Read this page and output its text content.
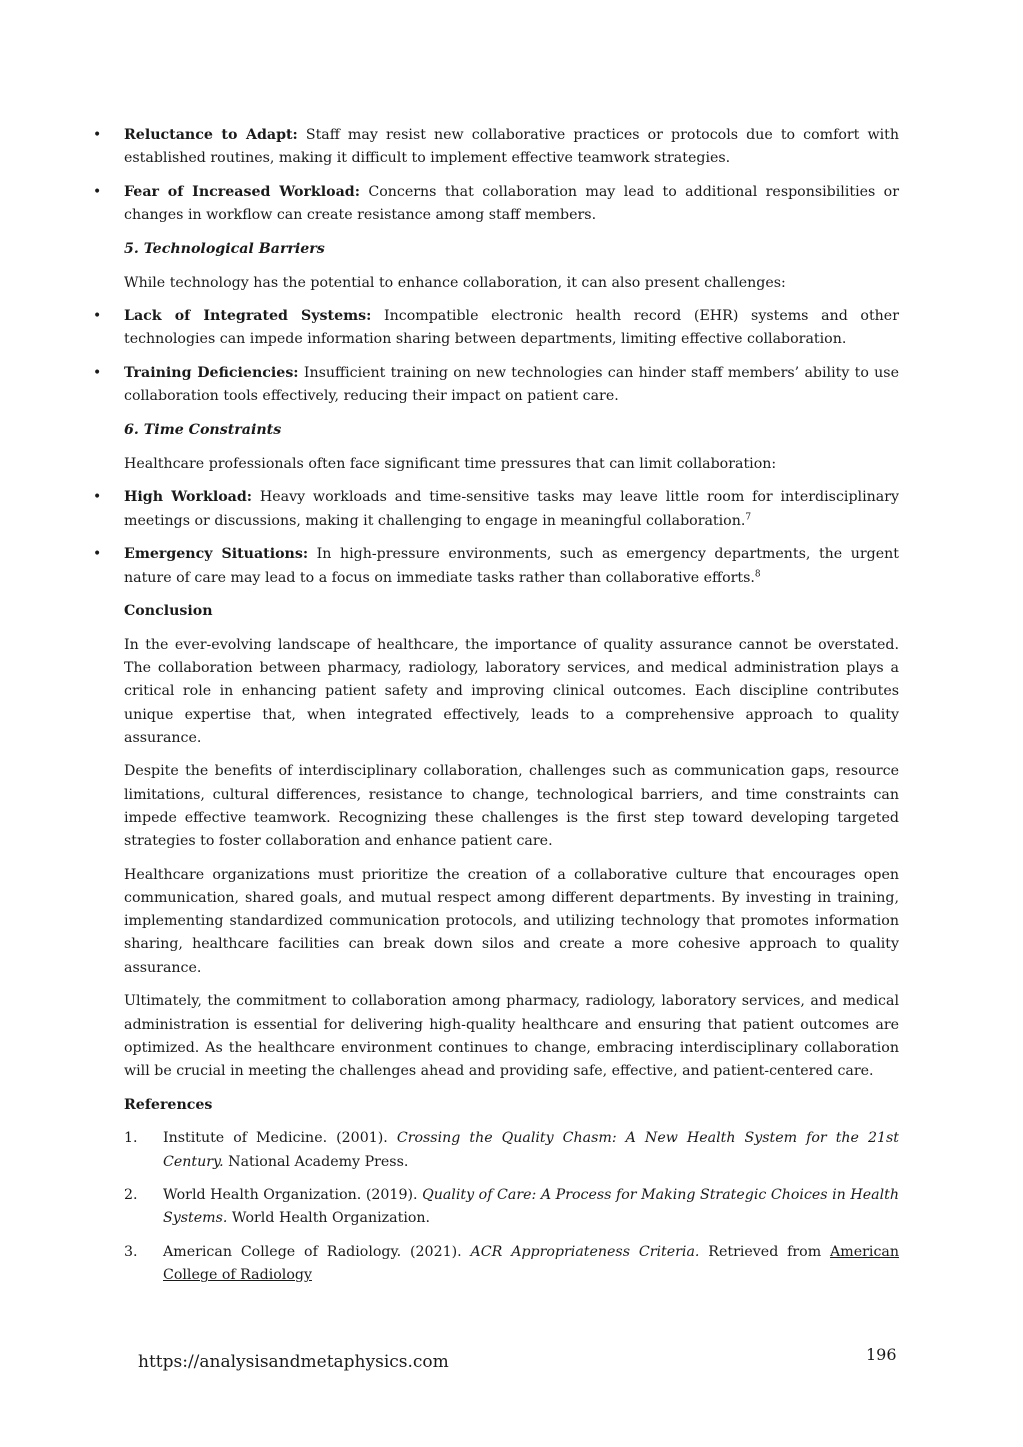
• Reluctance to Adapt: Staff may resist new collaborative practices or protocols due to comfort with established routines, making it difficult to implement effective teamwork strategies.
• Fear of Increased Workload: Concerns that collaboration may lead to additional responsibilities or changes in workflow can create resistance among staff members.
5. Technological Barriers

While technology has the potential to enhance collaboration, it can also present challenges:

• Lack of Integrated Systems: Incompatible electronic health record (EHR) systems and other technologies can impede information sharing between departments, limiting effective collaboration.
• Training Deficiencies: Insufficient training on new technologies can hinder staff members’ ability to use collaboration tools effectively, reducing their impact on patient care.
6. Time Constraints

Healthcare professionals often face significant time pressures that can limit collaboration:

• High Workload: Heavy workloads and time-sensitive tasks may leave little room for interdisciplinary meetings or discussions, making it challenging to engage in meaningful collaboration.$^7$
• Emergency Situations: In high-pressure environments, such as emergency departments, the urgent nature of care may lead to a focus on immediate tasks rather than collaborative efforts.$^8$
Conclusion

In the ever-evolving landscape of healthcare, the importance of quality assurance cannot be overstated. The collaboration between pharmacy, radiology, laboratory services, and medical administration plays a critical role in enhancing patient safety and improving clinical outcomes. Each discipline contributes unique expertise that, when integrated effectively, leads to a comprehensive approach to quality assurance.

Despite the benefits of interdisciplinary collaboration, challenges such as communication gaps, resource limitations, cultural differences, resistance to change, technological barriers, and time constraints can impede effective teamwork. Recognizing these challenges is the first step toward developing targeted strategies to foster collaboration and enhance patient care.

Healthcare organizations must prioritize the creation of a collaborative culture that encourages open communication, shared goals, and mutual respect among different departments. By investing in training, implementing standardized communication protocols, and utilizing technology that promotes information sharing, healthcare facilities can break down silos and create a more cohesive approach to quality assurance.

Ultimately, the commitment to collaboration among pharmacy, radiology, laboratory services, and medical administration is essential for delivering high-quality healthcare and ensuring that patient outcomes are optimized. As the healthcare environment continues to change, embracing interdisciplinary collaboration will be crucial in meeting the challenges ahead and providing safe, effective, and patient-centered care.

References
1. Institute of Medicine. (2001). Crossing the Quality Chasm: A New Health System for the 21st Century. National Academy Press.
2. World Health Organization. (2019). Quality of Care: A Process for Making Strategic Choices in Health Systems. World Health Organization.
3. American College of Radiology. (2021). ACR Appropriateness Criteria. Retrieved from American College of Radiology
https://analysisandmetaphysics.com	196
